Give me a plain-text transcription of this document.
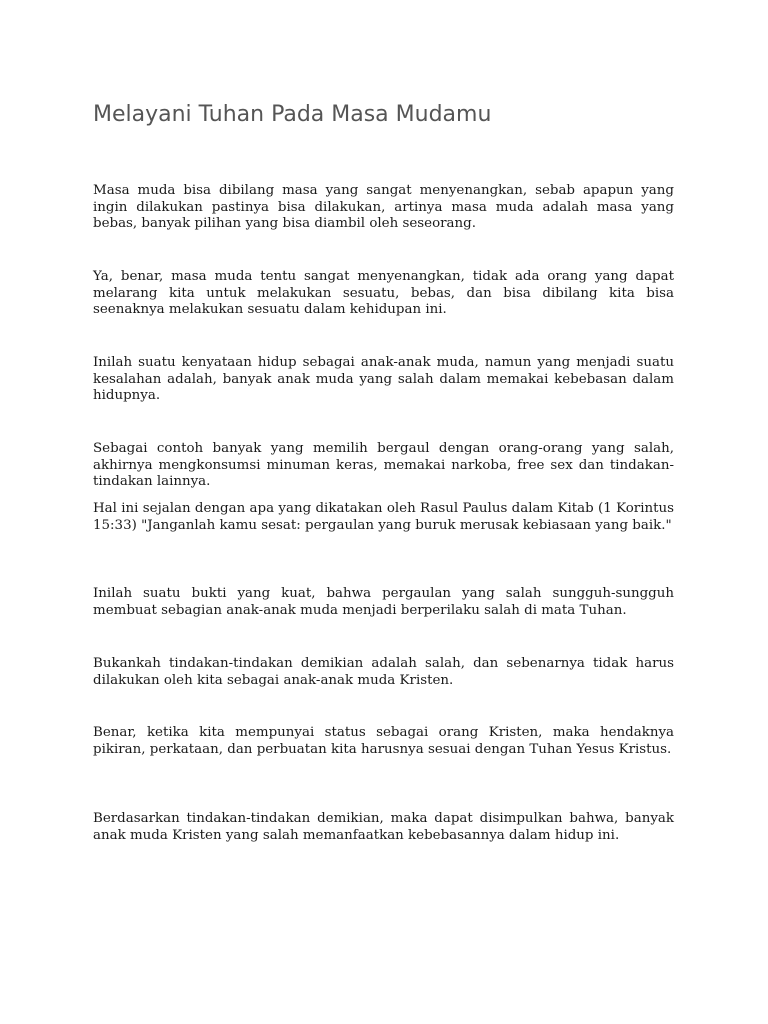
Melayani Tuhan Pada Masa Mudamu

Masa muda bisa dibilang masa yang sangat menyenangkan, sebab apapun yang ingin dilakukan pastinya bisa dilakukan, artinya masa muda adalah masa yang bebas, banyak pilihan yang bisa diambil oleh seseorang.

Ya, benar, masa muda tentu sangat menyenangkan, tidak ada orang yang dapat melarang kita untuk melakukan sesuatu, bebas, dan bisa dibilang kita bisa seenaknya melakukan sesuatu dalam kehidupan ini.

Inilah suatu kenyataan hidup sebagai anak-anak muda, namun yang menjadi suatu kesalahan adalah, banyak anak muda yang salah dalam memakai kebebasan dalam hidupnya.

Sebagai contoh banyak yang memilih bergaul dengan orang-orang yang salah, akhirnya mengkonsumsi minuman keras, memakai narkoba, free sex dan tindakan-tindakan lainnya.

Hal ini sejalan dengan apa yang dikatakan oleh Rasul Paulus dalam Kitab (1 Korintus 15:33) "Janganlah kamu sesat: pergaulan yang buruk merusak kebiasaan yang baik."

Inilah suatu bukti yang kuat, bahwa pergaulan yang salah sungguh-sungguh membuat sebagian anak-anak muda menjadi berperilaku salah di mata Tuhan.

Bukankah tindakan-tindakan demikian adalah salah, dan sebenarnya tidak harus dilakukan oleh kita sebagai anak-anak muda Kristen.

Benar, ketika kita mempunyai status sebagai orang Kristen, maka hendaknya pikiran, perkataan, dan perbuatan kita harusnya sesuai dengan Tuhan Yesus Kristus.

Berdasarkan tindakan-tindakan demikian, maka dapat disimpulkan bahwa, banyak anak muda Kristen yang salah memanfaatkan kebebasannya dalam hidup ini.
